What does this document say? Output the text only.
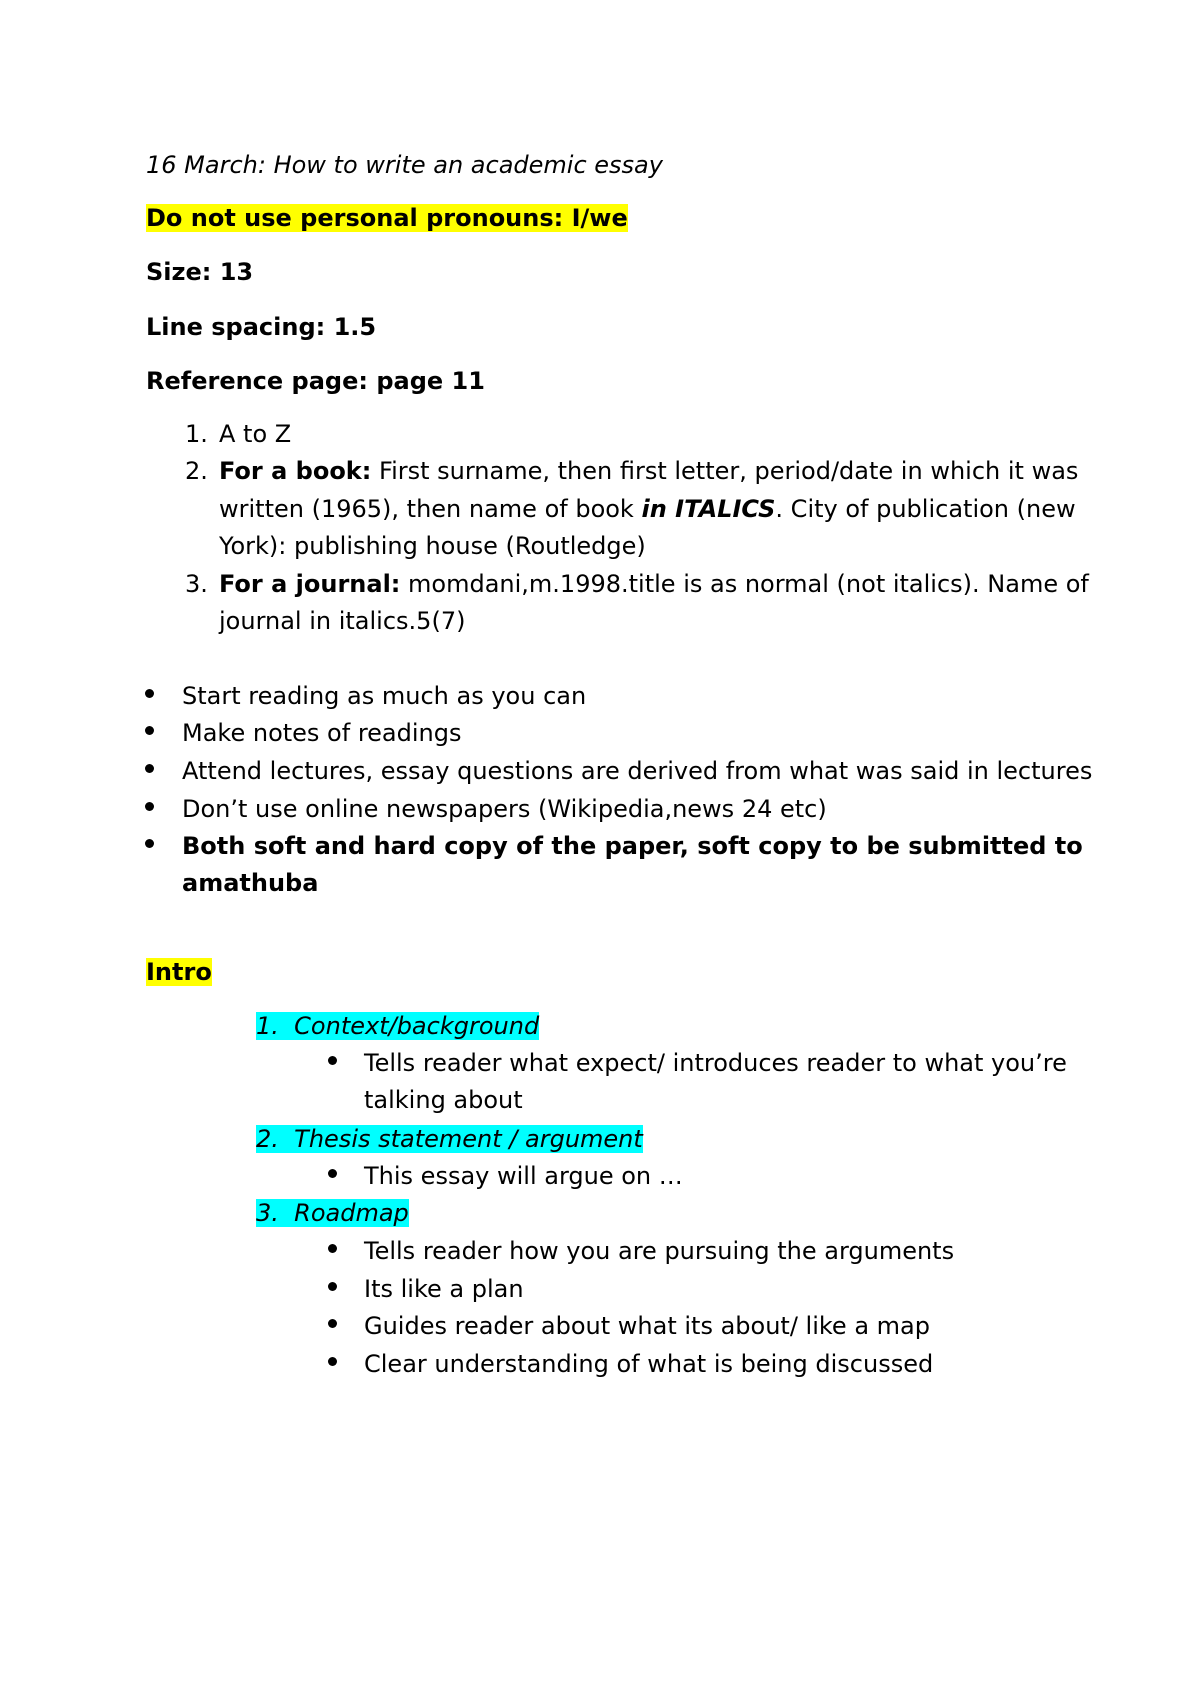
16 March: How to write an academic essay
Do not use personal pronouns: I/we
Size: 13
Line spacing: 1.5
Reference page: page 11
1. A to Z
2. For a book: First surname, then first letter, period/date in which it was
written (1965), then name of book in ITALICS. City of publication (new
York): publishing house (Routledge)
3. For a journal: momdani,m.1998.title is as normal (not italics). Name of
journal in italics.5(7)
Start reading as much as you can
Make notes of readings
Attend lectures, essay questions are derived from what was said in lectures
Don’t use online newspapers (Wikipedia,news 24 etc)
Both soft and hard copy of the paper, soft copy to be submitted to
amathuba
Intro
1. Context/background
Tells reader what expect/ introduces reader to what you’re
talking about
2. Thesis statement / argument
This essay will argue on …
3. Roadmap
Tells reader how you are pursuing the arguments
Its like a plan
Guides reader about what its about/ like a map
Clear understanding of what is being discussed
